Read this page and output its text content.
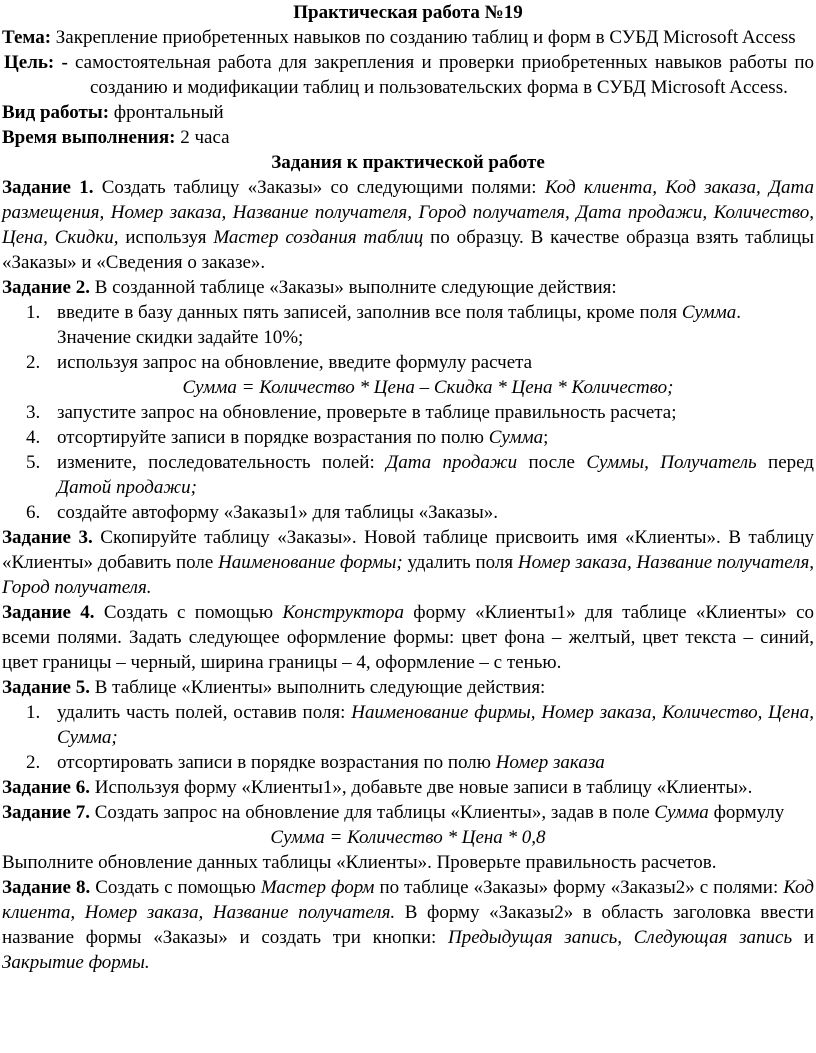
Практическая работа №19
Тема: Закрепление приобретенных навыков по созданию таблиц и форм в СУБД Microsoft Access
Цель: - самостоятельная работа для закрепления и проверки приобретенных навыков работы по созданию и модификации таблиц и пользовательских форма в СУБД Microsoft Access.
Вид работы: фронтальный
Время выполнения: 2 часа
Задания к практической работе
Задание 1. Создать таблицу «Заказы» со следующими полями: Код клиента, Код заказа, Дата размещения, Номер заказа, Название получателя, Город получателя, Дата продажи, Количество, Цена, Скидки, используя Мастер создания таблиц по образцу. В качестве образца взять таблицы «Заказы» и «Сведения о заказе».
Задание 2. В созданной таблице «Заказы» выполните следующие действия:
1. введите в базу данных пять записей, заполнив все поля таблицы, кроме поля Сумма. Значение скидки задайте 10%;
2. используя запрос на обновление, введите формулу расчета
Сумма = Количество * Цена – Скидка * Цена * Количество;
3. запустите запрос на обновление, проверьте в таблице правильность расчета;
4. отсортируйте записи в порядке возрастания по полю Сумма;
5. измените, последовательность полей: Дата продажи после Суммы, Получатель перед Датой продажи;
6. создайте автоформу «Заказы1» для таблицы «Заказы».
Задание 3. Скопируйте таблицу «Заказы». Новой таблице присвоить имя «Клиенты». В таблицу «Клиенты» добавить поле Наименование формы; удалить поля Номер заказа, Название получателя, Город получателя.
Задание 4. Создать с помощью Конструктора форму «Клиенты1» для таблице «Клиенты» со всеми полями. Задать следующее оформление формы: цвет фона – желтый, цвет текста – синий, цвет границы – черный, ширина границы – 4, оформление – с тенью.
Задание 5. В таблице «Клиенты» выполнить следующие действия:
1. удалить часть полей, оставив поля: Наименование фирмы, Номер заказа, Количество, Цена, Сумма;
2. отсортировать записи в порядке возрастания по полю Номер заказа
Задание 6. Используя форму «Клиенты1», добавьте две новые записи в таблицу «Клиенты».
Задание 7. Создать запрос на обновление для таблицы «Клиенты», задав в поле Сумма формулу
Сумма = Количество * Цена * 0,8
Выполните обновление данных таблицы «Клиенты». Проверьте правильность расчетов.
Задание 8. Создать с помощью Мастер форм по таблице «Заказы» форму «Заказы2» с полями: Код клиента, Номер заказа, Название получателя. В форму «Заказы2» в область заголовка ввести название формы «Заказы» и создать три кнопки: Предыдущая запись, Следующая запись и Закрытие формы.
